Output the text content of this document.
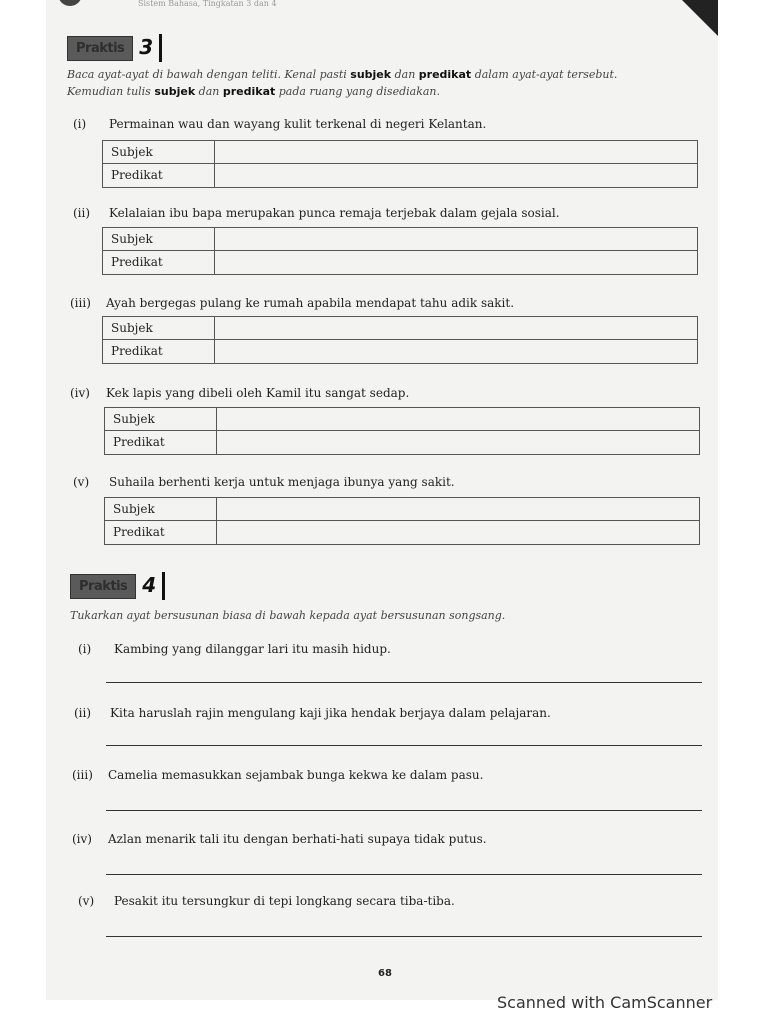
Sistem Bahasa, Tingkatan 3 dan 4
Praktis 3
Baca ayat-ayat di bawah dengan teliti. Kenal pasti subjek dan predikat dalam ayat-ayat tersebut.
Kemudian tulis subjek dan predikat pada ruang yang disediakan.
(i)	Permainan wau dan wayang kulit terkenal di negeri Kelantan.
Subjek
Predikat
(ii)	Kelalaian ibu bapa merupakan punca remaja terjebak dalam gejala sosial.
Subjek
Predikat
(iii)	Ayah bergegas pulang ke rumah apabila mendapat tahu adik sakit.
Subjek
Predikat
(iv)	Kek lapis yang dibeli oleh Kamil itu sangat sedap.
Subjek
Predikat
(v)	Suhaila berhenti kerja untuk menjaga ibunya yang sakit.
Subjek
Predikat
Praktis 4
Tukarkan ayat bersusunan biasa di bawah kepada ayat bersusunan songsang.
(i)	Kambing yang dilanggar lari itu masih hidup.
(ii)	Kita haruslah rajin mengulang kaji jika hendak berjaya dalam pelajaran.
(iii)	Camelia memasukkan sejambak bunga kekwa ke dalam pasu.
(iv)	Azlan menarik tali itu dengan berhati-hati supaya tidak putus.
(v)	Pesakit itu tersungkur di tepi longkang secara tiba-tiba.
68
Scanned with CamScanner
